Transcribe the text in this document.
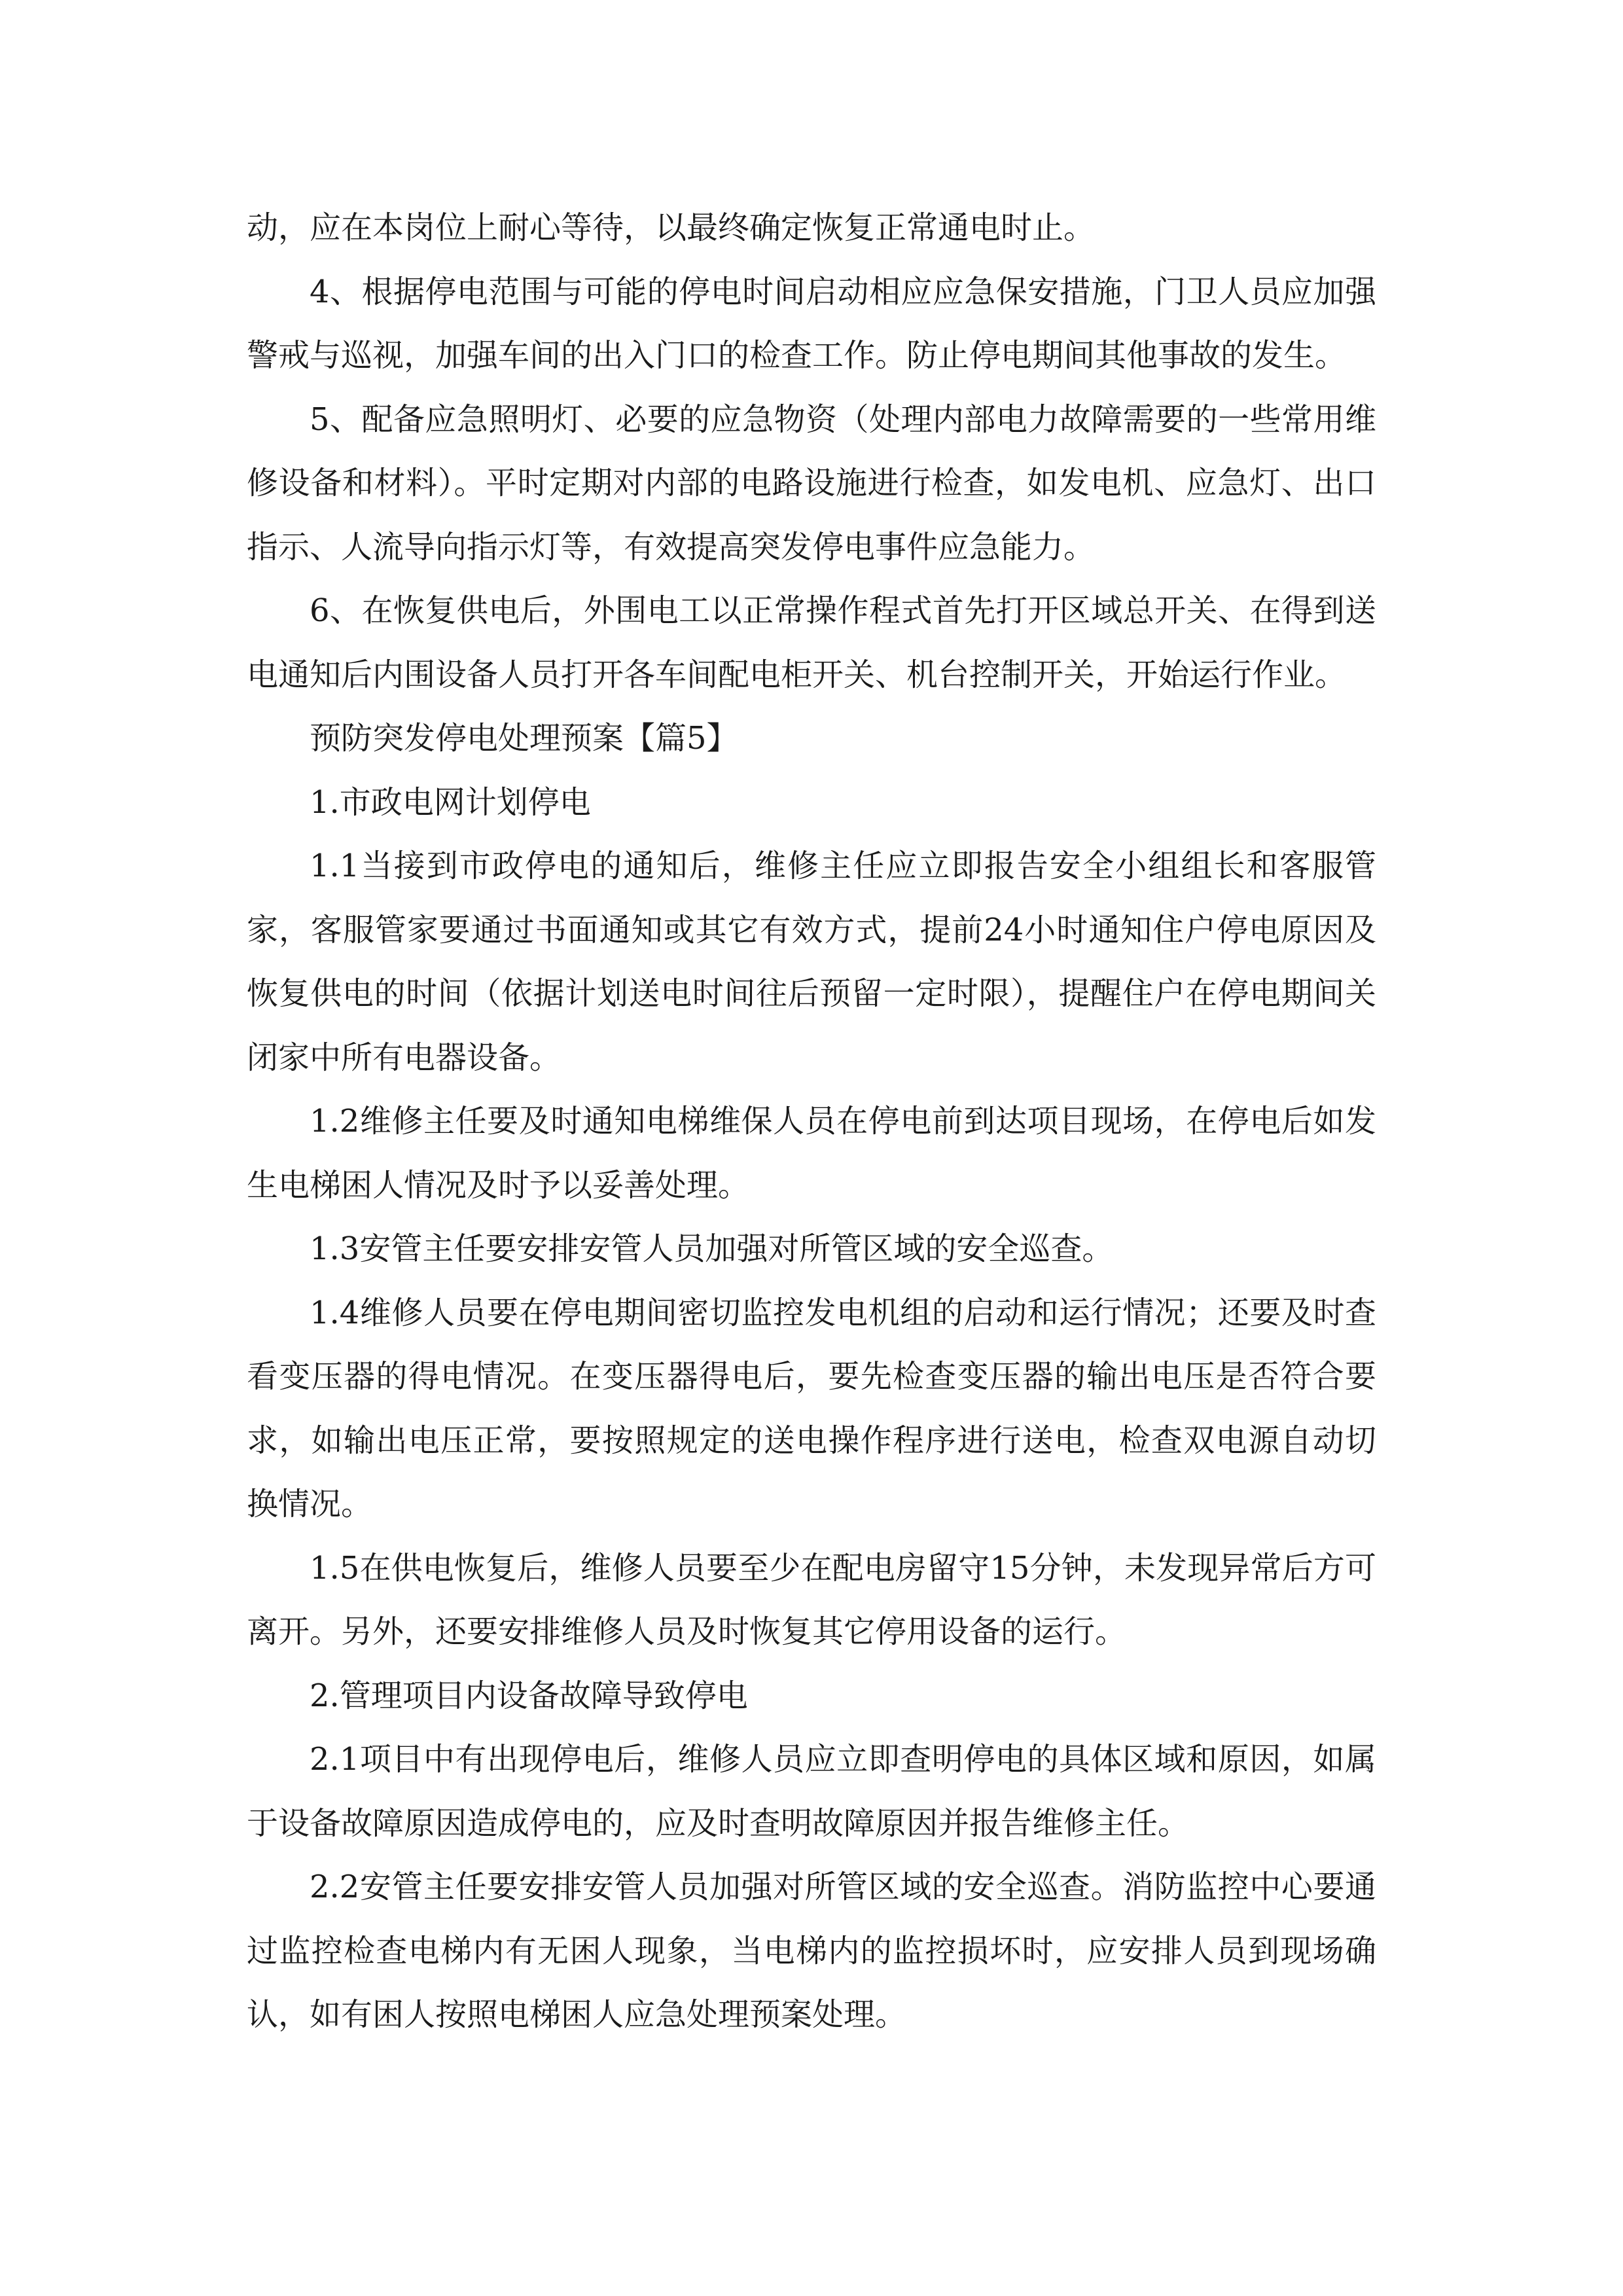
动，应在本岗位上耐心等待，以最终确定恢复正常通电时止。

4、根据停电范围与可能的停电时间启动相应应急保安措施，门卫人员应加强警戒与巡视，加强车间的出入门口的检查工作。防止停电期间其他事故的发生。

5、配备应急照明灯、必要的应急物资（处理内部电力故障需要的一些常用维修设备和材料）。平时定期对内部的电路设施进行检查，如发电机、应急灯、出口指示、人流导向指示灯等，有效提高突发停电事件应急能力。

6、在恢复供电后，外围电工以正常操作程式首先打开区域总开关、在得到送电通知后内围设备人员打开各车间配电柜开关、机台控制开关，开始运行作业。

预防突发停电处理预案【篇5】

1.市政电网计划停电

1.1当接到市政停电的通知后，维修主任应立即报告安全小组组长和客服管家，客服管家要通过书面通知或其它有效方式，提前24小时通知住户停电原因及恢复供电的时间（依据计划送电时间往后预留一定时限），提醒住户在停电期间关闭家中所有电器设备。

1.2维修主任要及时通知电梯维保人员在停电前到达项目现场，在停电后如发生电梯困人情况及时予以妥善处理。

1.3安管主任要安排安管人员加强对所管区域的安全巡查。

1.4维修人员要在停电期间密切监控发电机组的启动和运行情况；还要及时查看变压器的得电情况。在变压器得电后，要先检查变压器的输出电压是否符合要求，如输出电压正常，要按照规定的送电操作程序进行送电，检查双电源自动切换情况。

1.5在供电恢复后，维修人员要至少在配电房留守15分钟，未发现异常后方可离开。另外，还要安排维修人员及时恢复其它停用设备的运行。

2.管理项目内设备故障导致停电

2.1项目中有出现停电后，维修人员应立即查明停电的具体区域和原因，如属于设备故障原因造成停电的，应及时查明故障原因并报告维修主任。

2.2安管主任要安排安管人员加强对所管区域的安全巡查。消防监控中心要通过监控检查电梯内有无困人现象，当电梯内的监控损坏时，应安排人员到现场确认，如有困人按照电梯困人应急处理预案处理。
